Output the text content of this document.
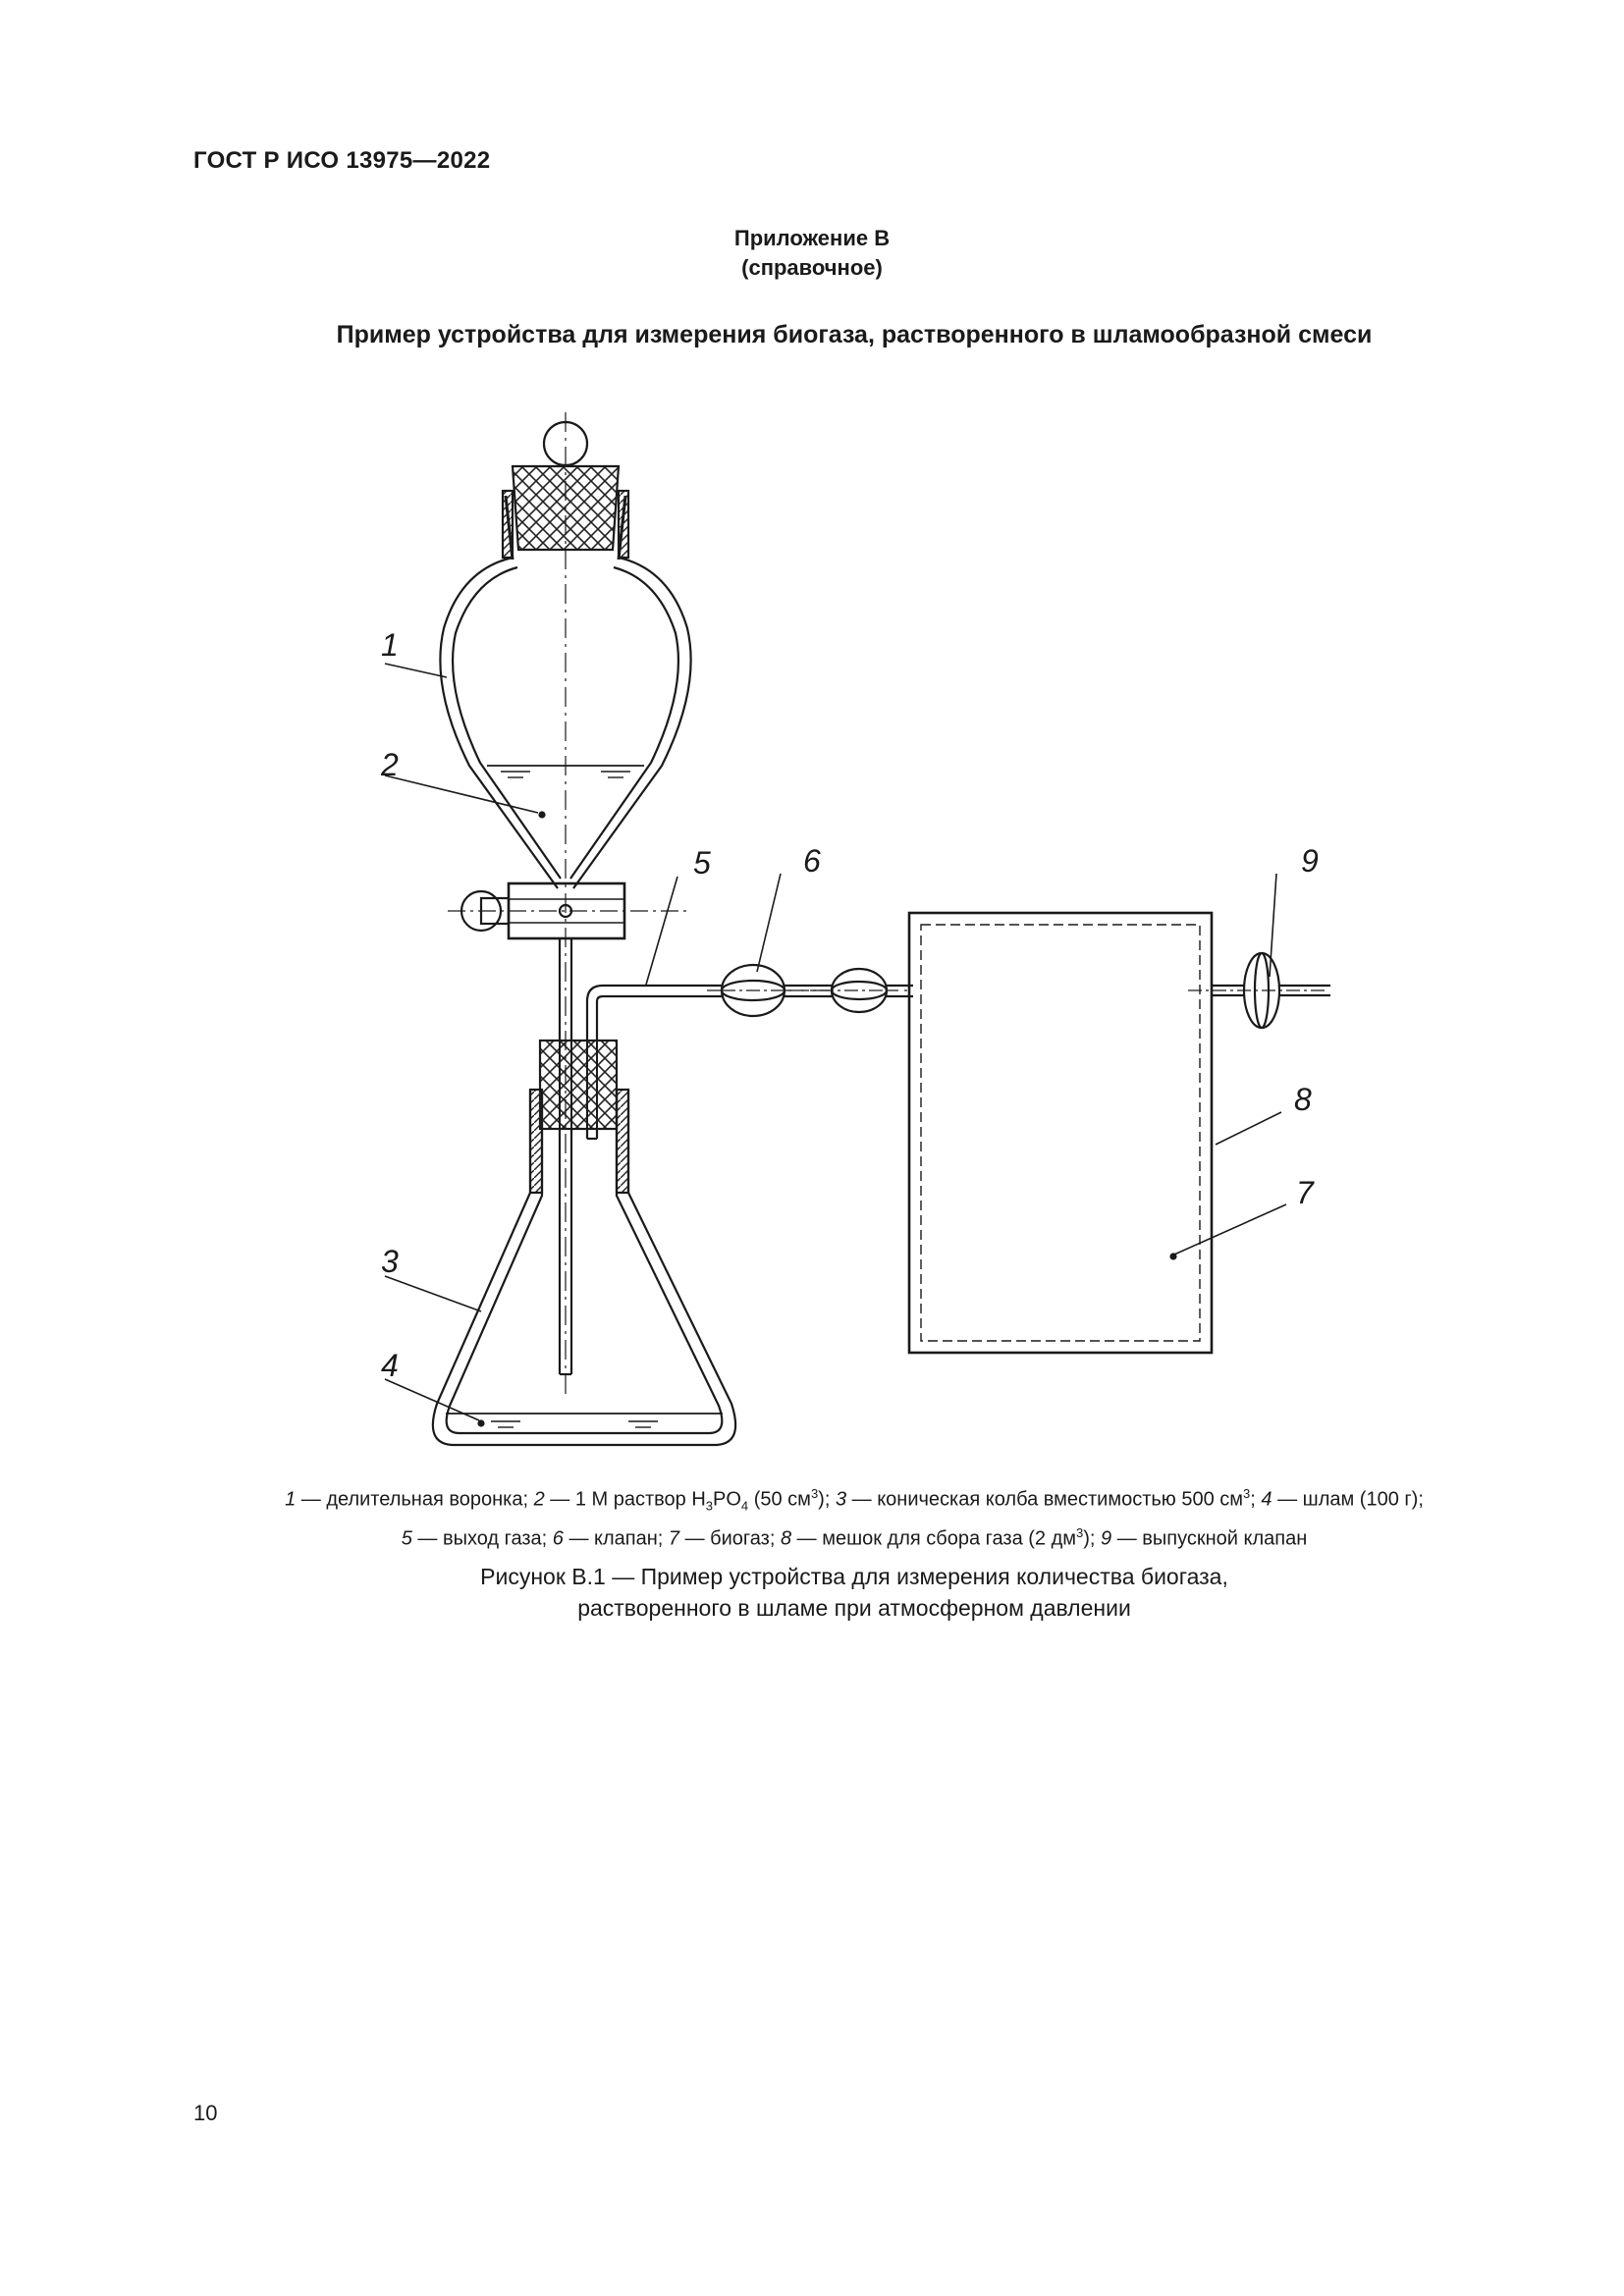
ГОСТ Р ИСО 13975—2022
Приложение В
(справочное)
Пример устройства для измерения биогаза, растворенного в шламообразной смеси
1
2
3
4
5	6
7
8
9
1 — делительная воронка; 2 — 1 М раствор $H_3PO_4$ (50 $см^3$); 3 — коническая колба вместимостью 500 $см^3$; 4 — шлам (100 г);
5 — выход газа; 6 — клапан; 7 — биогаз; 8 — мешок для сбора газа (2 $дм^3$); 9 — выпускной клапан
Рисунок В.1 — Пример устройства для измерения количества биогаза,
растворенного в шламе при атмосферном давлении
10
